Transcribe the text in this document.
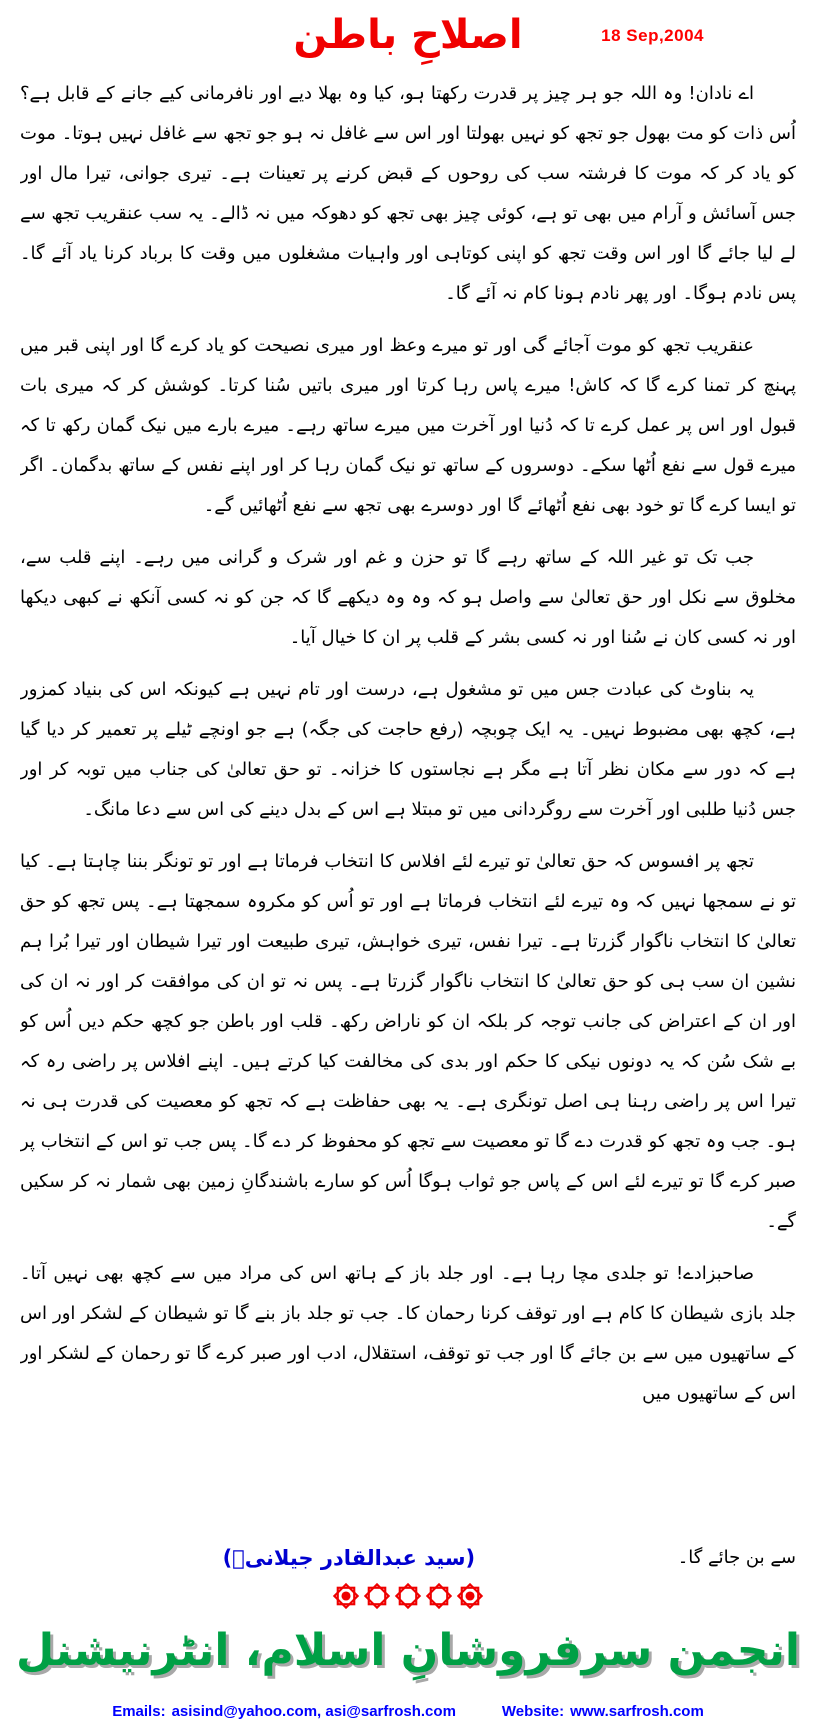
اصلاحِ باطن	18 Sep,2004

اے نادان! وہ اللہ جو ہر چیز پر قدرت رکھتا ہو، کیا وہ بھلا دیے اور نافرمانی کیے جانے کے قابل ہے؟ اُس ذات کو مت بھول جو تجھ کو نہیں بھولتا اور اس سے غافل نہ ہو جو تجھ سے غافل نہیں ہوتا۔ موت کو یاد کر کہ موت کا فرشتہ سب کی روحوں کے قبض کرنے پر تعینات ہے۔ تیری جوانی، تیرا مال اور جس آسائش و آرام میں بھی تو ہے، کوئی چیز بھی تجھ کو دھوکہ میں نہ ڈالے۔ یہ سب عنقریب تجھ سے لے لیا جائے گا اور اس وقت تجھ کو اپنی کوتاہی اور واہیات مشغلوں میں وقت کا برباد کرنا یاد آئے گا۔ پس نادم ہوگا۔ اور پھر نادم ہونا کام نہ آئے گا۔

عنقریب تجھ کو موت آجائے گی اور تو میرے وعظ اور میری نصیحت کو یاد کرے گا اور اپنی قبر میں پہنچ کر تمنا کرے گا کہ کاش! میرے پاس رہا کرتا اور میری باتیں سُنا کرتا۔ کوشش کر کہ میری بات قبول اور اس پر عمل کرے تا کہ دُنیا اور آخرت میں میرے ساتھ رہے۔ میرے بارے میں نیک گمان رکھ تا کہ میرے قول سے نفع اُٹھا سکے۔ دوسروں کے ساتھ تو نیک گمان رہا کر اور اپنے نفس کے ساتھ بدگمان۔ اگر تو ایسا کرے گا تو خود بھی نفع اُٹھائے گا اور دوسرے بھی تجھ سے نفع اُٹھائیں گے۔

جب تک تو غیر اللہ کے ساتھ رہے گا تو حزن و غم اور شرک و گرانی میں رہے۔ اپنے قلب سے، مخلوق سے نکل اور حق تعالیٰ سے واصل ہو کہ وہ وہ دیکھے گا کہ جن کو نہ کسی آنکھ نے کبھی دیکھا اور نہ کسی کان نے سُنا اور نہ کسی بشر کے قلب پر ان کا خیال آیا۔

یہ بناوٹ کی عبادت جس میں تو مشغول ہے، درست اور تام نہیں ہے کیونکہ اس کی بنیاد کمزور ہے، کچھ بھی مضبوط نہیں۔ یہ ایک چوبچہ (رفع حاجت کی جگہ) ہے جو اونچے ٹیلے پر تعمیر کر دیا گیا ہے کہ دور سے مکان نظر آتا ہے مگر ہے نجاستوں کا خزانہ۔ تو حق تعالیٰ کی جناب میں توبہ کر اور جس دُنیا طلبی اور آخرت سے روگردانی میں تو مبتلا ہے اس کے بدل دینے کی اس سے دعا مانگ۔

تجھ پر افسوس کہ حق تعالیٰ تو تیرے لئے افلاس کا انتخاب فرماتا ہے اور تو تونگر بننا چاہتا ہے۔ کیا تو نے سمجھا نہیں کہ وہ تیرے لئے انتخاب فرماتا ہے اور تو اُس کو مکروہ سمجھتا ہے۔ پس تجھ کو حق تعالیٰ کا انتخاب ناگوار گزرتا ہے۔ تیرا نفس، تیری خواہش، تیری طبیعت اور تیرا شیطان اور تیرا بُرا ہم نشین ان سب ہی کو حق تعالیٰ کا انتخاب ناگوار گزرتا ہے۔ پس نہ تو ان کی موافقت کر اور نہ ان کی اور ان کے اعتراض کی جانب توجہ کر بلکہ ان کو ناراض رکھ۔ قلب اور باطن جو کچھ حکم دیں اُس کو بے شک سُن کہ یہ دونوں نیکی کا حکم اور بدی کی مخالفت کیا کرتے ہیں۔ اپنے افلاس پر راضی رہ کہ تیرا اس پر راضی رہنا ہی اصل تونگری ہے۔ یہ بھی حفاظت ہے کہ تجھ کو معصیت کی قدرت ہی نہ ہو۔ جب وہ تجھ کو قدرت دے گا تو معصیت سے تجھ کو محفوظ کر دے گا۔ پس جب تو اس کے انتخاب پر صبر کرے گا تو تیرے لئے اس کے پاس جو ثواب ہوگا اُس کو سارے باشندگانِ زمین بھی شمار نہ کر سکیں گے۔

صاحبزادے! تو جلدی مچا رہا ہے۔ اور جلد باز کے ہاتھ اس کی مراد میں سے کچھ بھی نہیں آتا۔ جلد بازی شیطان کا کام ہے اور توقف کرنا رحمان کا۔ جب تو جلد باز بنے گا تو شیطان کے لشکر اور اس کے ساتھیوں میں سے بن جائے گا اور جب تو توقف، استقلال، ادب اور صبر کرے گا تو رحمان کے لشکر اور اس کے ساتھیوں میں

سے بن جائے گا۔
(سید عبدالقادر جیلانیؒ)

انجمن سرفروشانِ اسلام، انٹرنیشنل
Emails: asisind@yahoo.com, asi@sarfrosh.com	Website: www.sarfrosh.com
